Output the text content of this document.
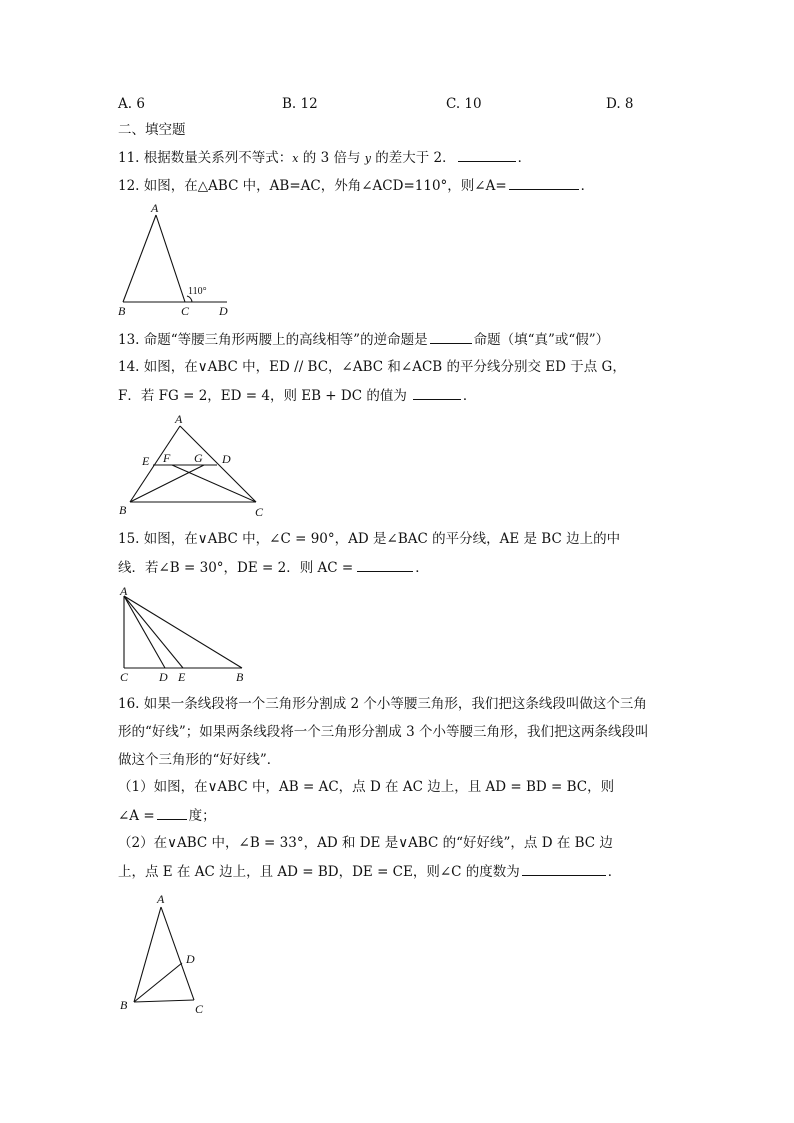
A. 6	B. 12	C. 10	D. 8
二、填空题
11. 根据数量关系列不等式：x 的 3 倍与 y 的差大于 2．	．
12. 如图，在△ABC 中，AB=AC，外角∠ACD=110°，则∠A=	．
A
B	C D
110°
13. 命题“等腰三角形两腰上的高线相等”的逆命题是	命题（填“真”或“假”）
14. 如图，在∨ABC 中，ED // BC，∠ABC 和∠ACB 的平分线分别交 ED 于点 G，
F．若 FG = 2，ED = 4，则 EB + DC 的值为	．
A
E F G D
B	C
15. 如图，在∨ABC 中，∠C = 90°，AD 是∠BAC 的平分线，AE 是 BC 边上的中
线．若∠B = 30°，DE = 2．则 AC =	．
A
C	D E	B
16. 如果一条线段将一个三角形分割成 2 个小等腰三角形，我们把这条线段叫做这个三角
形的“好线”；如果两条线段将一个三角形分割成 3 个小等腰三角形，我们把这两条线段叫
做这个三角形的“好好线”．
（1）如图，在∨ABC 中，AB = AC，点 D 在 AC 边上，且 AD = BD = BC，则
∠A =	度；
（2）在∨ABC 中，∠B = 33°，AD 和 DE 是∨ABC 的“好好线”，点 D 在 BC 边
上，点 E 在 AC 边上，且 AD = BD，DE = CE，则∠C 的度数为	．
A
D
B	C
